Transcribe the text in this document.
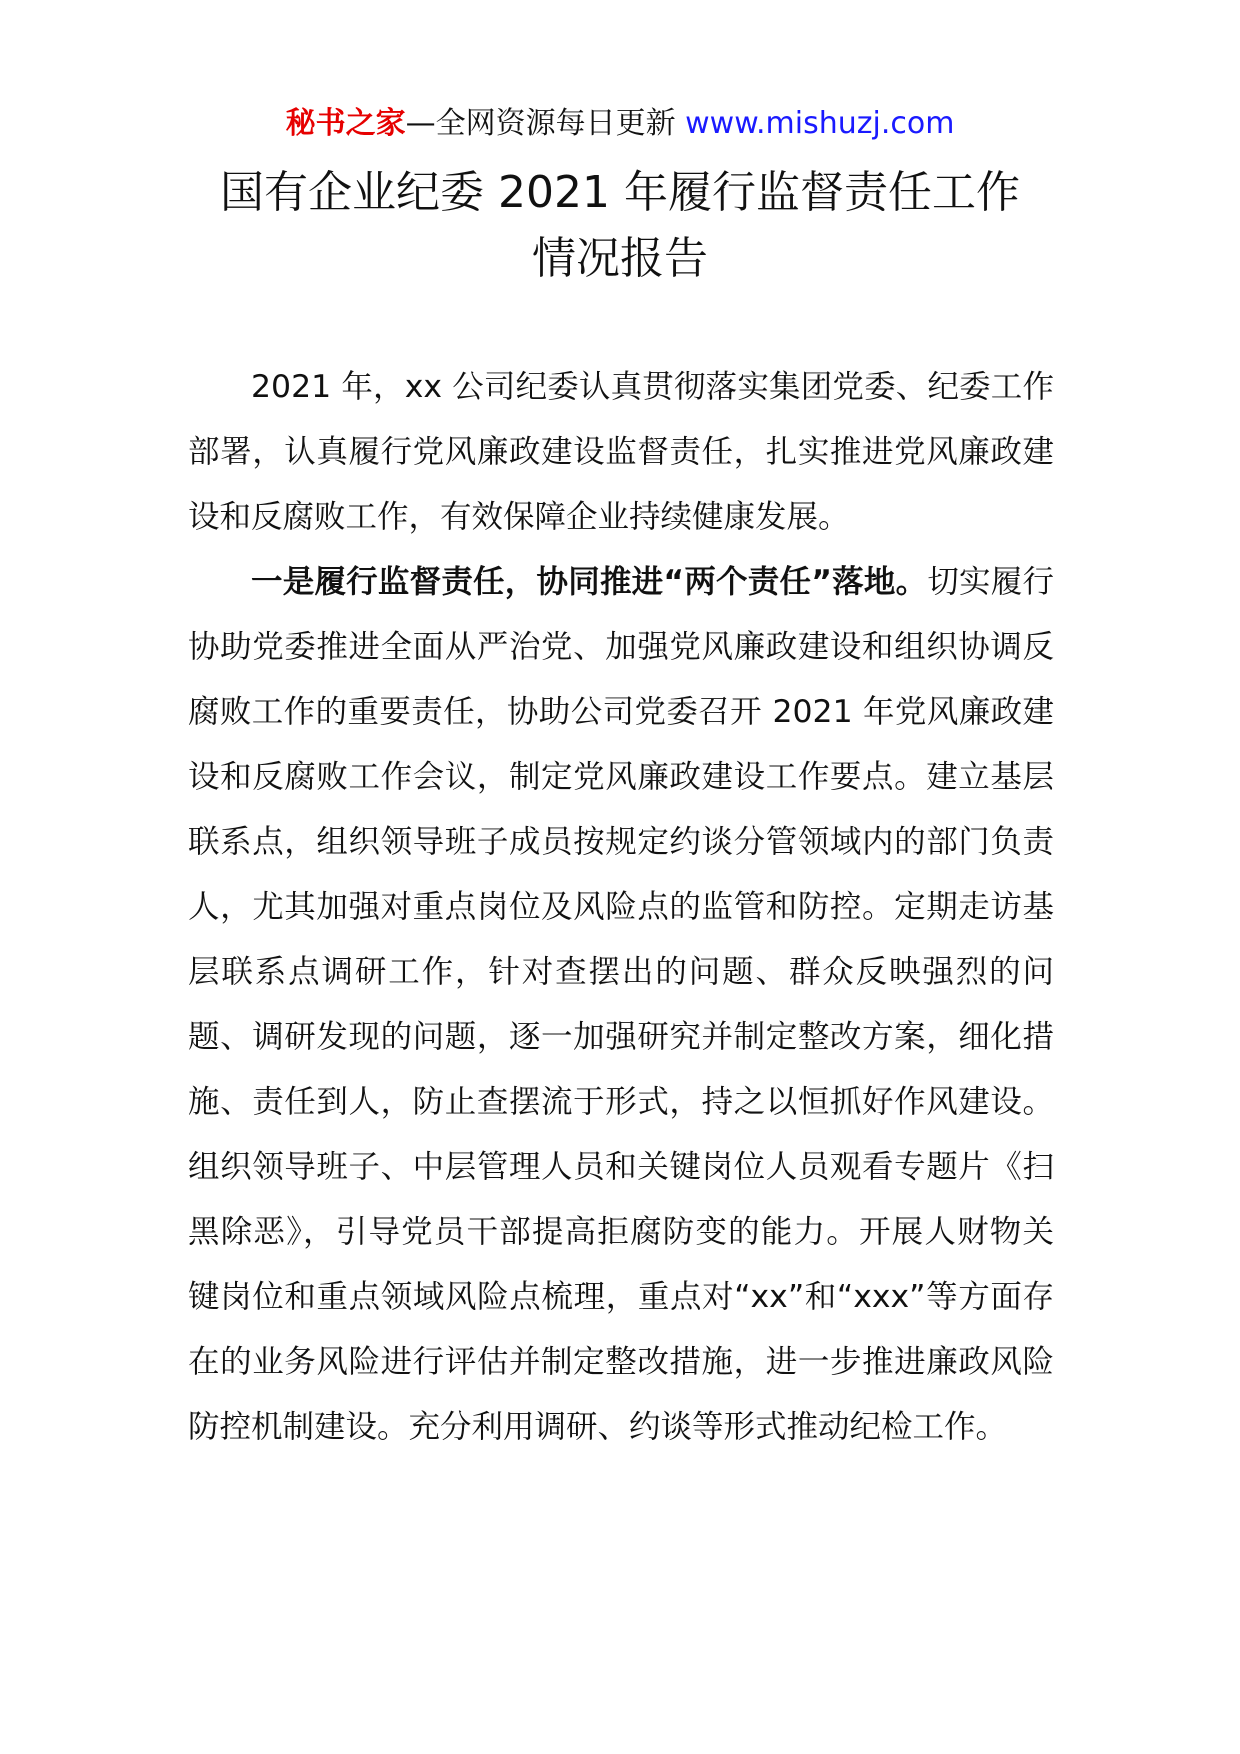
秘书之家—全网资源每日更新 www.mishuzj.com
国有企业纪委 2021 年履行监督责任工作
情况报告

2021 年，xx 公司纪委认真贯彻落实集团党委、纪委工作部署，认真履行党风廉政建设监督责任，扎实推进党风廉政建设和反腐败工作，有效保障企业持续健康发展。

一是履行监督责任，协同推进“两个责任”落地。切实履行协助党委推进全面从严治党、加强党风廉政建设和组织协调反腐败工作的重要责任，协助公司党委召开 2021 年党风廉政建设和反腐败工作会议，制定党风廉政建设工作要点。建立基层联系点，组织领导班子成员按规定约谈分管领域内的部门负责人，尤其加强对重点岗位及风险点的监管和防控。定期走访基层联系点调研工作，针对查摆出的问题、群众反映强烈的问题、调研发现的问题，逐一加强研究并制定整改方案，细化措施、责任到人，防止查摆流于形式，持之以恒抓好作风建设。组织领导班子、中层管理人员和关键岗位人员观看专题片《扫黑除恶》，引导党员干部提高拒腐防变的能力。开展人财物关键岗位和重点领域风险点梳理，重点对“xx”和“xxx”等方面存在的业务风险进行评估并制定整改措施，进一步推进廉政风险防控机制建设。充分利用调研、约谈等形式推动纪检工作。
